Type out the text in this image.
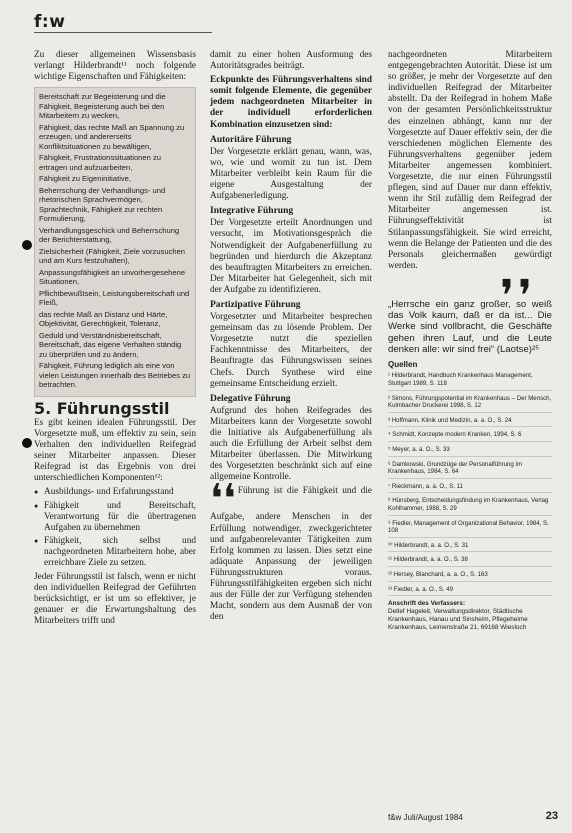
f:w

Zu dieser allgemeinen Wissensbasis verlangt Hilderbrandt¹¹ noch folgende wichtige Eigenschaften und Fähigkeiten:

Bereitschaft zur Begeisterung und die Fähigkeit, Begeisterung auch bei den Mitarbeitern zu wecken,
Fähigkeit, das rechte Maß an Spannung zu erzeugen, und andererseits Konfliktsituationen zu bewältigen,
Fähigkeit, Frustrationssituationen zu ertragen und aufzuarbeiten,
Fähigkeit zu Eigeninitiative,
Beherrschung der Verhandlungs- und rhetorischen Sprachvermögen, Sprachtechnik, Fähigkeit zur rechten Formulierung,
Verhandlungsgeschick und Beherrschung der Berichterstattung,
Zielsicherheit (Fähigkeit, Ziele vorzusuchen und am Kurs festzuhalten),
Anpassungsfähigkeit an unvorhergesehene Situationen,
Pflichtbewußtsein, Leistungsbereitschaft und Fleiß,
das rechte Maß an Distanz und Härte, Objektivität, Gerechtigkeit, Toleranz,
Geduld und Verständnisbereitschaft, Bereitschaft, das eigene Verhalten ständig zu überprüfen und zu ändern,
Fähigkeit, Führung lediglich als eine von vielen Leistungen innerhalb des Betriebes zu betrachten.
5. Führungsstil

Es gibt keinen idealen Führungsstil. Der Vorgesetzte muß, um effektiv zu sein, sein Verhalten den individuellen Reifegrad seiner Mitarbeiter anpassen. Dieser Reifegrad ist das Ergebnis von drei unterschiedlichen Komponenten¹²:

● Ausbildungs- und Erfahrungsstand
● Fähigkeit und Bereitschaft, Verantwortung für die übertragenen Aufgaben zu übernehmen
● Fähigkeit, sich selbst und nachgeordneten Mitarbeitern hohe, aber erreichbare Ziele zu setzen.

Jeder Führungsstil ist falsch, wenn er nicht den individuellen Reifegrad der Geführten berücksichtigt, er ist um so effektiver, je genauer er die Erwartungshaltung des Mitarbeiters trifft und

damit zu einer hohen Ausformung des Autoritätsgrades beiträgt.

Eckpunkte des Führungsverhaltens sind somit folgende Elemente, die gegenüber jedem nachgeordneten Mitarbeiter in der individuell erforderlichen Kombination einzusetzen sind:

Autoritäre Führung

Der Vorgesetzte erklärt genau, wann, was, wo, wie und womit zu tun ist. Dem Mitarbeiter verbleibt kein Raum für die eigene Ausgestaltung der Aufgabenerledigung.

Integrative Führung

Der Vorgesetzte erteilt Anordnungen und versucht, im Motivationsgespräch die Notwendigkeit der Aufgabenerfüllung zu begründen und hierdurch die Akzeptanz des beauftragten Mitarbeiters zu erreichen. Der Mitarbeiter hat Gelegenheit, sich mit der Aufgabe zu identifizieren.

Partizipative Führung

Vorgesetzter und Mitarbeiter besprechen gemeinsam das zu lösende Problem. Der Vorgesetzte nutzt die speziellen Fachkenntnisse des Mitarbeiters, der Beauftragte das Führungswissen seines Chefs. Durch Synthese wird eine gemeinsame Entscheidung erzielt.

Delegative Führung

Aufgrund des hohen Reifegrades des Mitarbeiters kann der Vorgesetzte sowohl die Initiative als Aufgabenerfüllung als auch die Erfüllung der Arbeit selbst dem Mitarbeiter überlassen. Die Mitwirkung des Vorgesetzten beschränkt sich auf eine allgemeine Kontrolle.

❛❛ Führung ist die Fähigkeit und die Aufgabe, andere Menschen in der Erfüllung notwendiger, zweckgerichteter und aufgabenrelevanter Tätigkeiten zum Erfolg kommen zu lassen. Dies setzt eine adäquate Anpassung der jeweiligen Führungsstrukturen voraus. Führungsstilfähigkeiten ergeben sich nicht aus der Fülle der zur Verfügung stehenden Macht, sondern aus dem Ausmaß der von den

nachgeordneten Mitarbeitern entgegengebrachten Autorität. Diese ist um so größer, je mehr der Vorgesetzte auf den individuellen Reifegrad der Mitarbeiter abstellt. Da der Reifegrad in hohem Maße von der gesamten Persönlichkeitsstruktur des einzelnen abhängt, kann nur der Vorgesetzte auf Dauer effektiv sein, der die verschiedenen möglichen Elemente des Führungsverhaltens gegenüber jedem Mitarbeiter angemessen kombiniert. Vorgesetzte, die nur einen Führungsstil pflegen, sind auf Dauer nur dann effektiv, wenn ihr Stil zufällig dem Reifegrad der Mitarbeiter angemessen ist. Führungseffektivität ist Stilanpassungsfähigkeit. Sie wird erreicht, wenn die Belange der Patienten und die des Personals gleichermaßen gewürdigt werden.

❜ ❜

„Herrsche ein ganz großer, so weiß das Volk kaum, daß er da ist... Die Werke sind vollbracht, die Geschäfte gehen ihren Lauf, und die Leute denken alle: wir sind frei“ (Laotse)²⁵

Quellen
¹ Hilderbrandt, Handbuch Krankenhaus Management, Stuttgart 1989, S. 118
² Simons, Führungspotential im Krankenhaus – Der Mensch, Kulmbacher Druckerei 1998, S. 12
³ Hoffmann, Klinik und Medizin, a. a. O., S. 24
⁴ Schmidt, Konzepte modern Kranken, 1994, S. 6
⁵ Meyer, a. a. O., S. 33
⁶ Damkowski, Grundzüge der Personalführung im Krankenhaus, 1984, S. 64
⁷ Rieckmann, a. a. O., S. 11
⁸ Hünsberg, Entscheidungsfindung im Krankenhaus, Verlag Kohlhammer, 1988, S. 29
⁹ Fiedler, Management of Organizational Behavior, 1984, S. 108
¹⁰ Hilderbrandt, a. a. O., S. 31
¹¹ Hilderbrandt, a. a. O., S. 38
¹² Hersey, Blanchard, a. a. O., S. 163
¹³ Fiedler, a. a. O., S. 49
Anschrift des Verfassers:
Detlef Hageleit, Verwaltungsdirektor, Städtische Krankenhaus, Hanau und Sinsheim, Pflegeheime Krankenhaus, Leimenstraße 21, 69168 Wiesloch
f&w Juli/August 1984	23
